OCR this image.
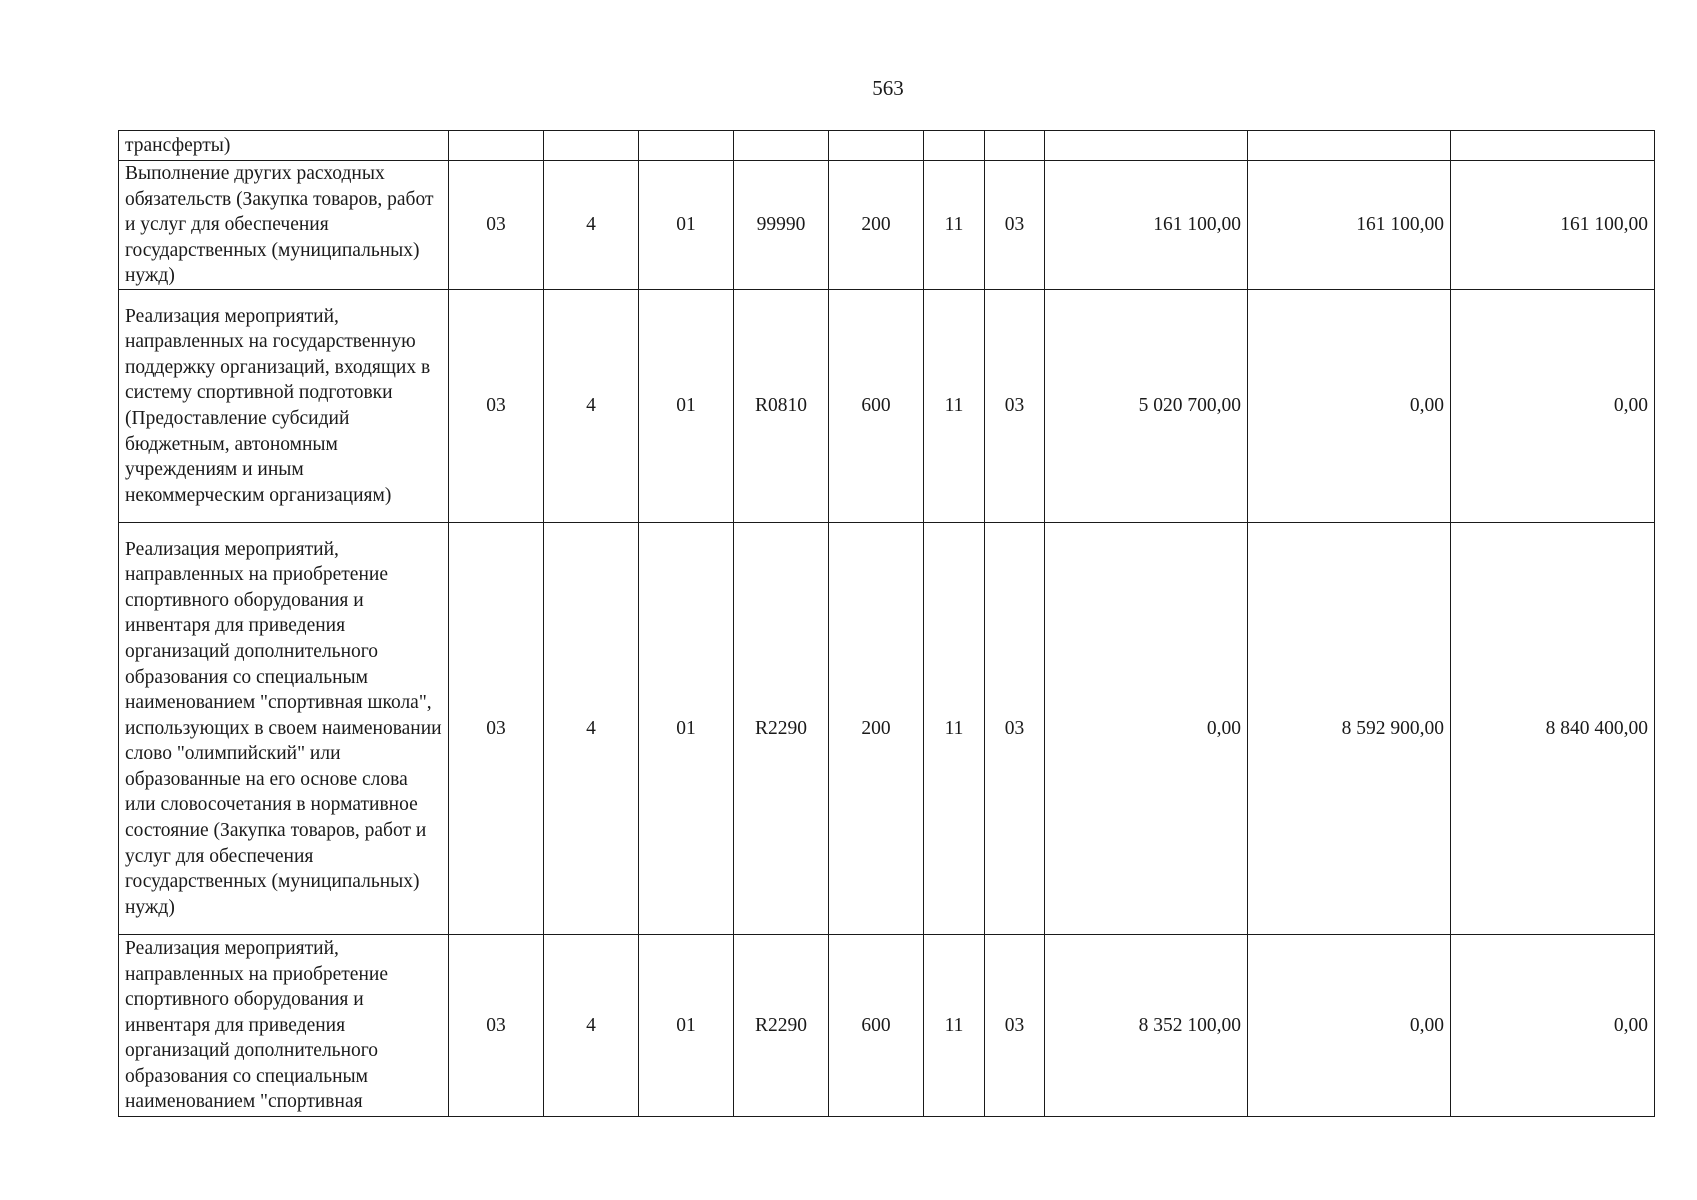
563
трансферты)										
Выполнение других расходных обязательств (Закупка товаров, работ и услуг для обеспечения государственных (муниципальных) нужд)	03	4	01	99990	200	11	03	161 100,00	161 100,00	161 100,00
Реализация мероприятий, направленных на государственную поддержку организаций, входящих в систему спортивной подготовки (Предоставление субсидий бюджетным, автономным учреждениям и иным некоммерческим организациям)	03	4	01	R0810	600	11	03	5 020 700,00	0,00	0,00
Реализация мероприятий, направленных на приобретение спортивного оборудования и инвентаря для приведения организаций дополнительного образования со специальным наименованием "спортивная школа", использующих в своем наименовании слово "олимпийский" или образованные на его основе слова или словосочетания в нормативное состояние (Закупка товаров, работ и услуг для обеспечения государственных (муниципальных) нужд)	03	4	01	R2290	200	11	03	0,00	8 592 900,00	8 840 400,00
Реализация мероприятий, направленных на приобретение спортивного оборудования и инвентаря для приведения организаций дополнительного образования со специальным наименованием "спортивная	03	4	01	R2290	600	11	03	8 352 100,00	0,00	0,00
